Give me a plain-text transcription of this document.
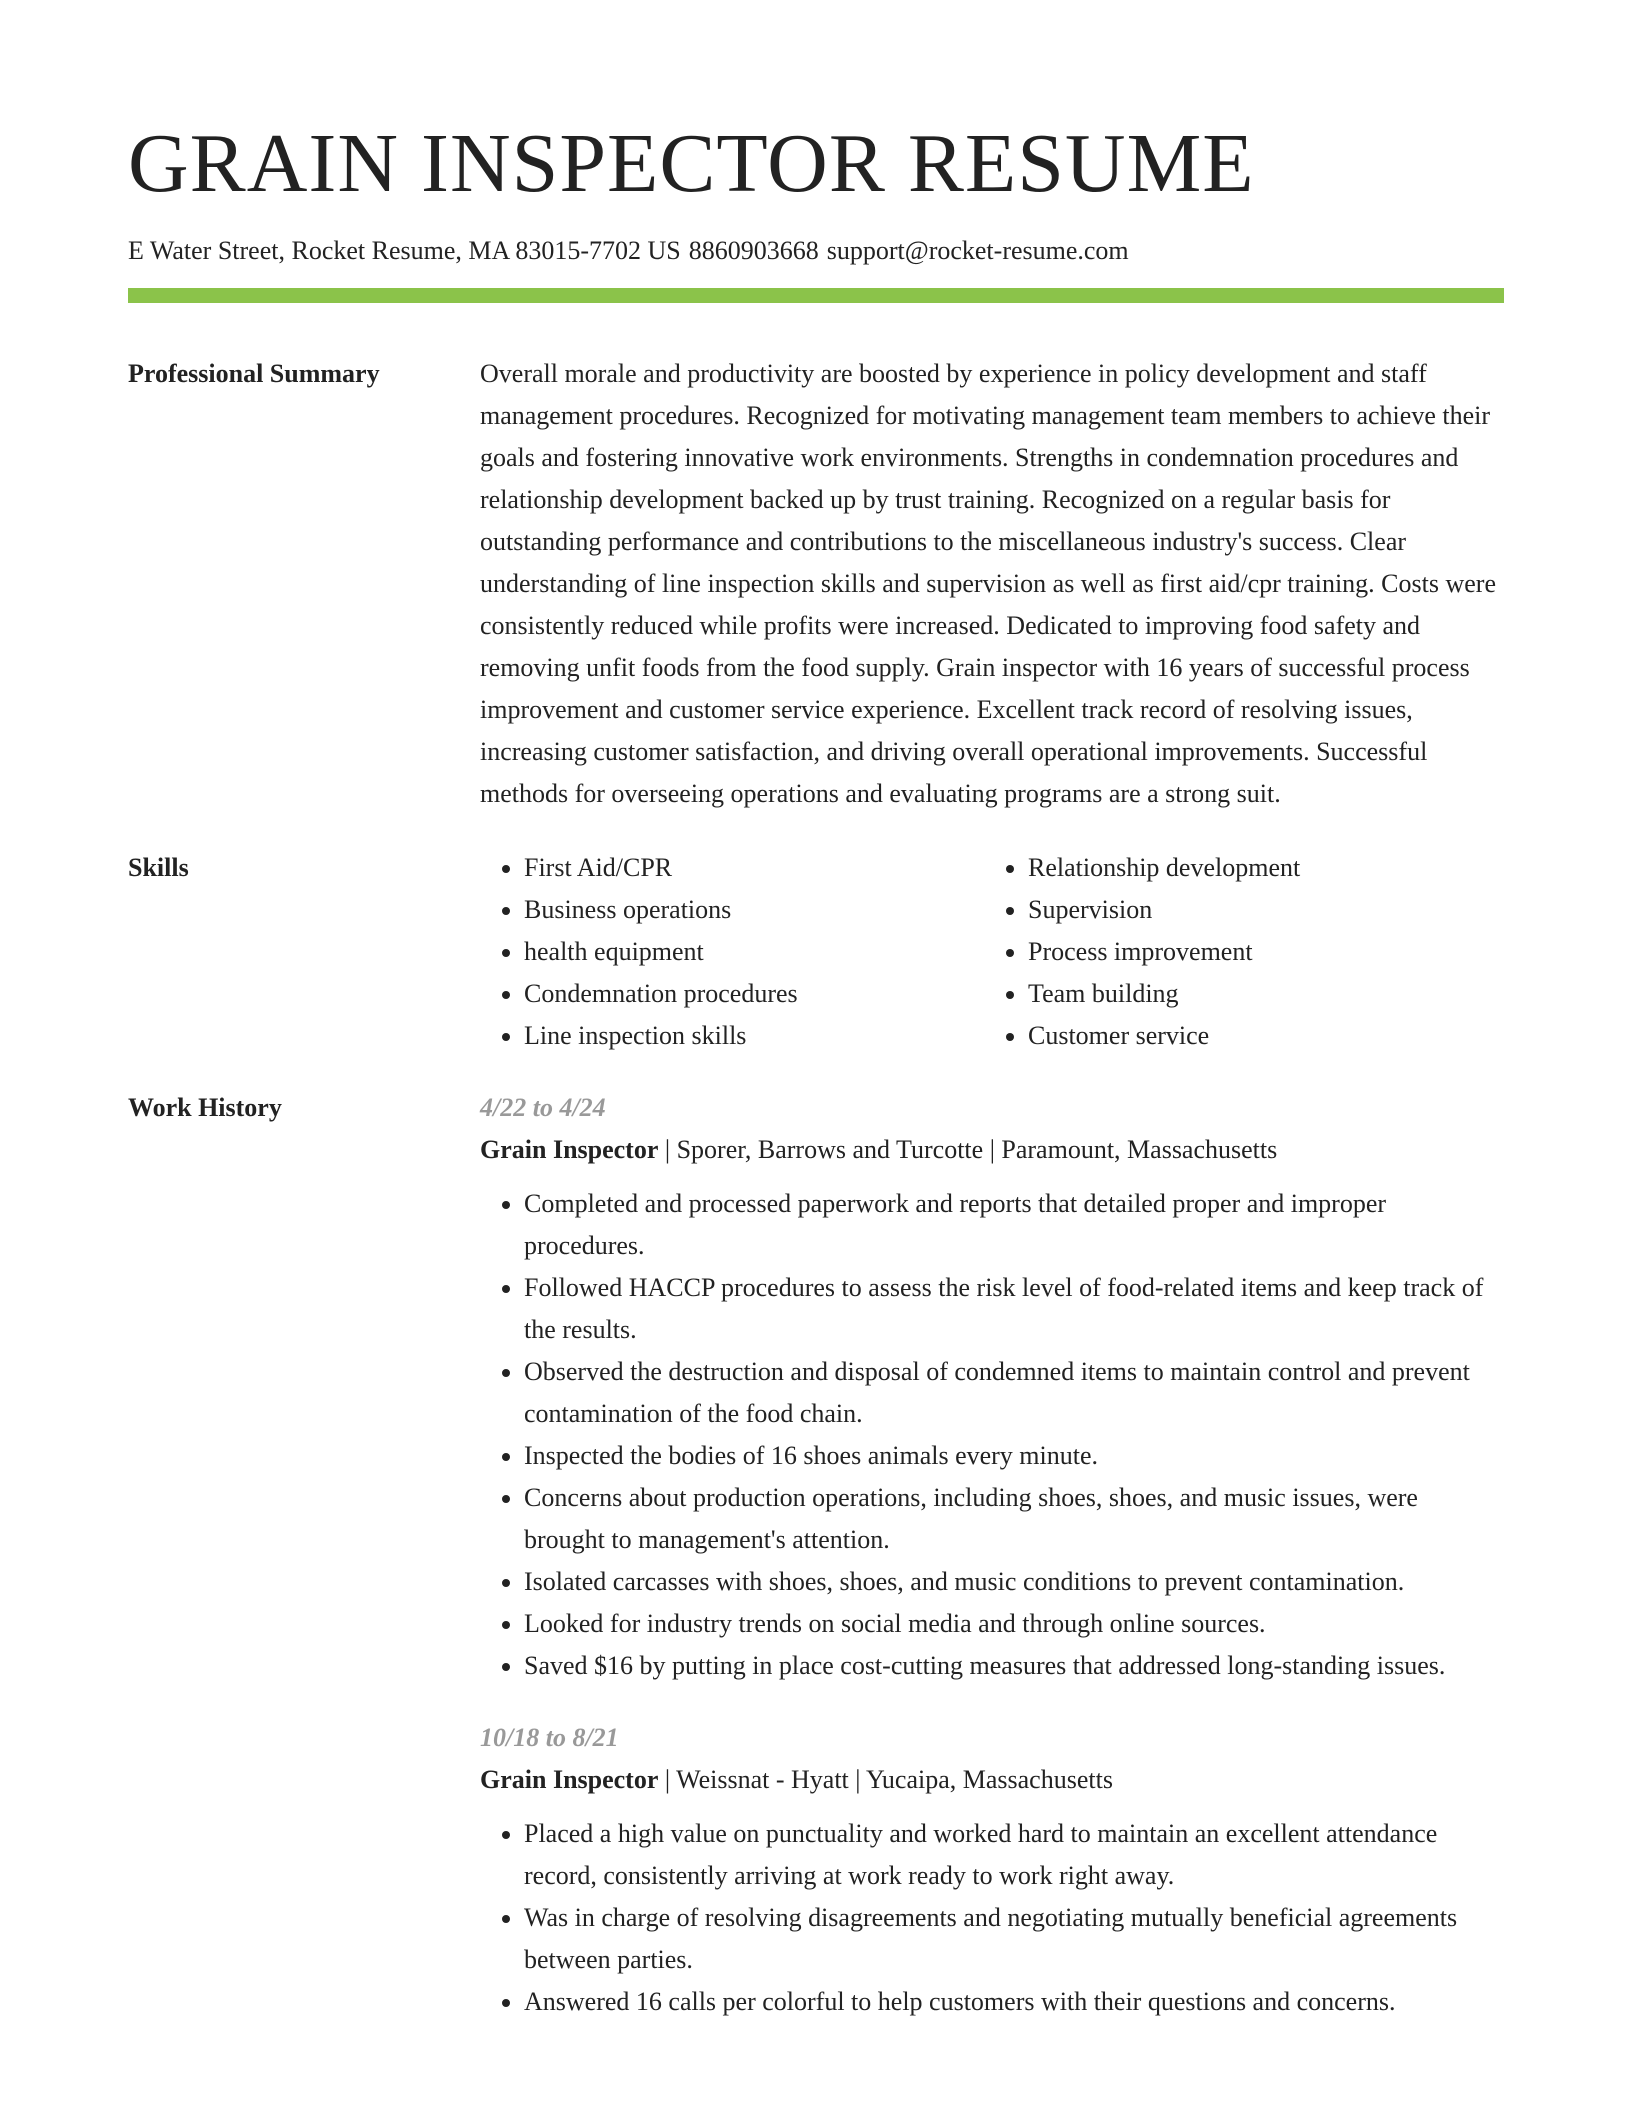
GRAIN INSPECTOR RESUME
E Water Street, Rocket Resume, MA 83015-7702 US 8860903668 support@rocket-resume.com
Professional Summary	Overall morale and productivity are boosted by experience in policy development and staff management procedures. Recognized for motivating management team members to achieve their goals and fostering innovative work environments. Strengths in condemnation procedures and relationship development backed up by trust training. Recognized on a regular basis for outstanding performance and contributions to the miscellaneous industry's success. Clear understanding of line inspection skills and supervision as well as first aid/cpr training. Costs were consistently reduced while profits were increased. Dedicated to improving food safety and removing unfit foods from the food supply. Grain inspector with 16 years of successful process improvement and customer service experience. Excellent track record of resolving issues, increasing customer satisfaction, and driving overall operational improvements. Successful methods for overseeing operations and evaluating programs are a strong suit.
Skills
•	First Aid/CPR
• Business operations
• health equipment
• Condemnation procedures
• Line inspection skills
• Relationship development
• Supervision
• Process improvement
• Team building
• Customer service
Work History	4/22 to 4/24
Grain Inspector | Sporer, Barrows and Turcotte | Paramount, Massachusetts
• Completed and processed paperwork and reports that detailed proper and improper procedures.
• Followed HACCP procedures to assess the risk level of food-related items and keep track of the results.
• Observed the destruction and disposal of condemned items to maintain control and prevent contamination of the food chain.
• Inspected the bodies of 16 shoes animals every minute.
• Concerns about production operations, including shoes, shoes, and music issues, were brought to management's attention.
• Isolated carcasses with shoes, shoes, and music conditions to prevent contamination.
• Looked for industry trends on social media and through online sources.
• Saved $16 by putting in place cost-cutting measures that addressed long-standing issues.
10/18 to 8/21
Grain Inspector | Weissnat - Hyatt | Yucaipa, Massachusetts
• Placed a high value on punctuality and worked hard to maintain an excellent attendance record, consistently arriving at work ready to work right away.
• Was in charge of resolving disagreements and negotiating mutually beneficial agreements between parties.
• Answered 16 calls per colorful to help customers with their questions and concerns.
